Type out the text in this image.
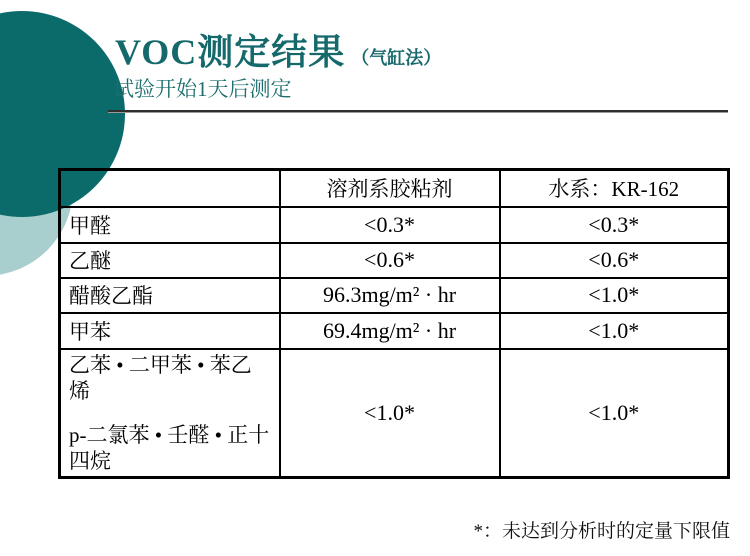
VOC测定结果 （气缸法）
试验开始1天后测定
	溶剂系胶粘剂	水系：KR-162
甲醛	<0.3*	<0.3*
乙醚	<0.6*	<0.6*
醋酸乙酯	96.3mg/m² · hr	<1.0*
甲苯	69.4mg/m² · hr	<1.0*

乙苯 • 二甲苯 • 苯乙烯

p-二氯苯 • 壬醛 • 正十四烷	<1.0*	<1.0*
*：未达到分析时的定量下限值
